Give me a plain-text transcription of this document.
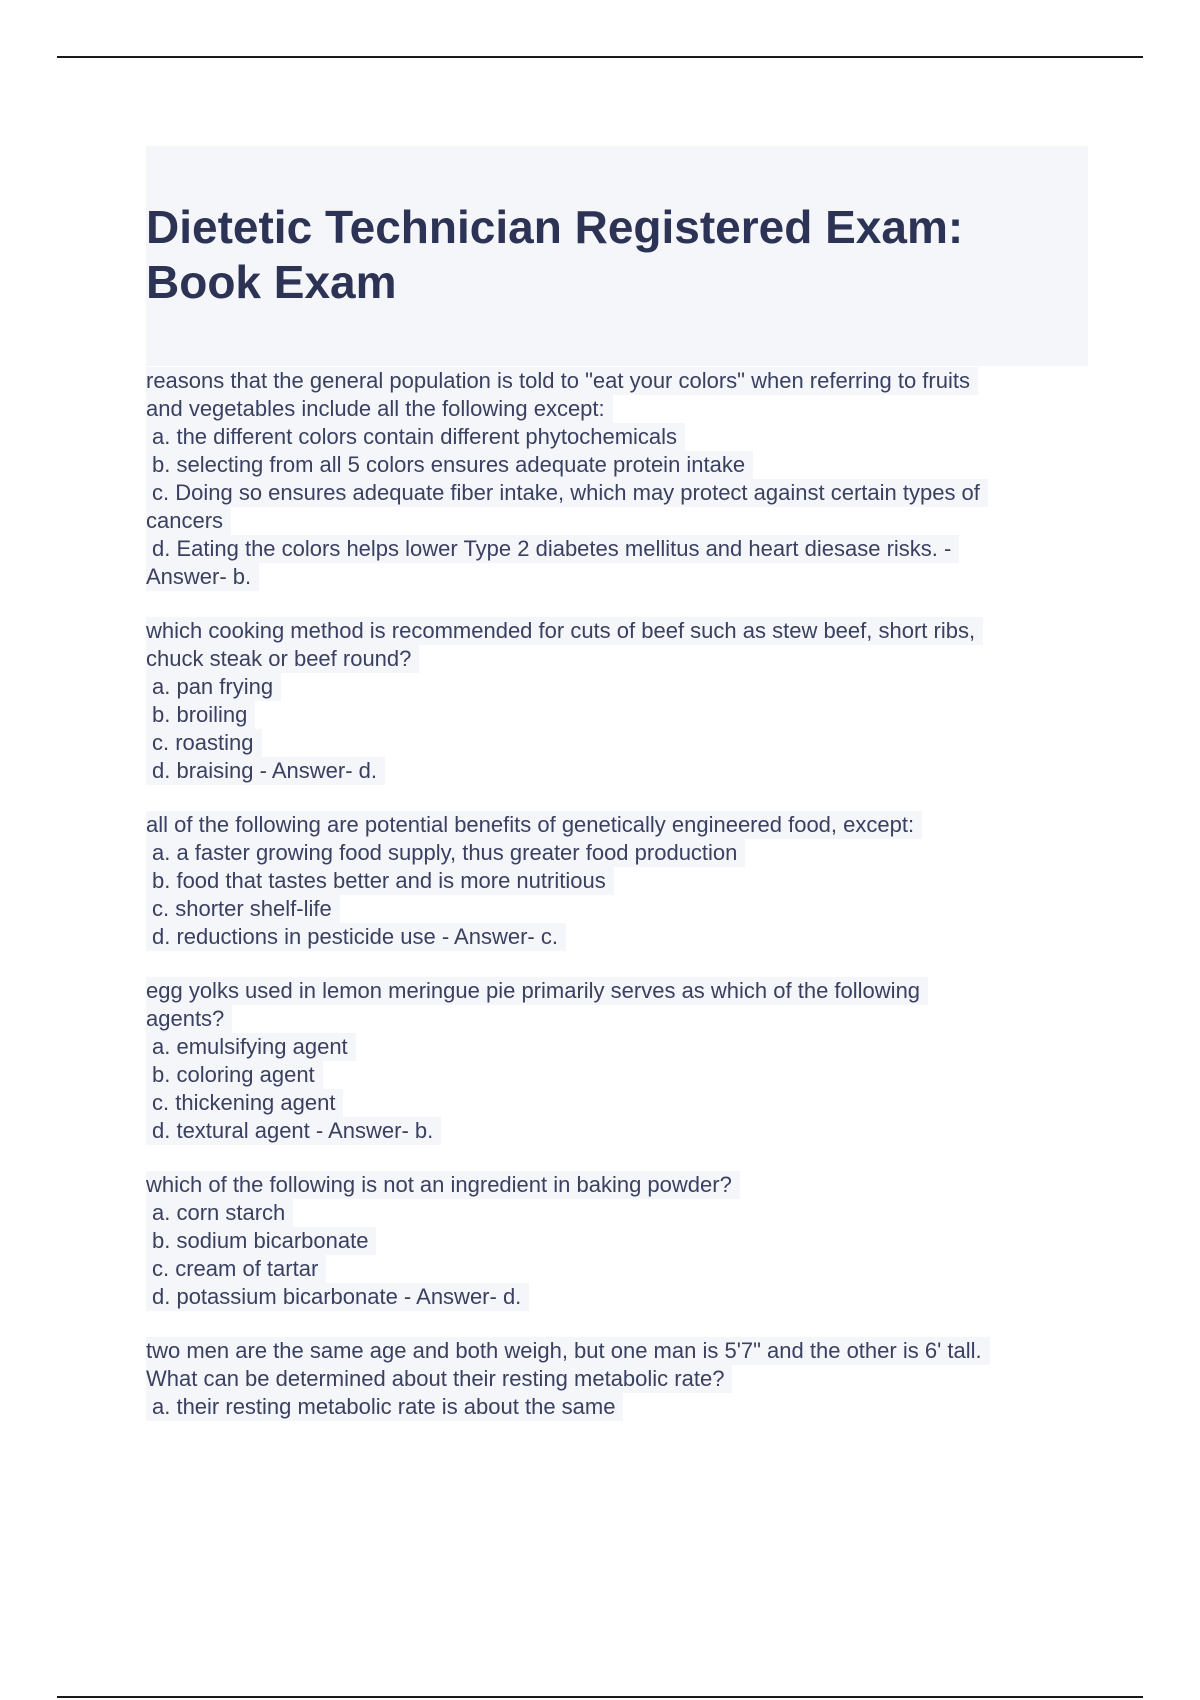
Dietetic Technician Registered Exam:
Book Exam
reasons that the general population is told to "eat your colors" when referring to fruits
and vegetables include all the following except:
a. the different colors contain different phytochemicals
b. selecting from all 5 colors ensures adequate protein intake
c. Doing so ensures adequate fiber intake, which may protect against certain types of
cancers
d. Eating the colors helps lower Type 2 diabetes mellitus and heart diesase risks. -
Answer- b.
which cooking method is recommended for cuts of beef such as stew beef, short ribs,
chuck steak or beef round?
a. pan frying
b. broiling
c. roasting
d. braising - Answer- d.
all of the following are potential benefits of genetically engineered food, except:
a. a faster growing food supply, thus greater food production
b. food that tastes better and is more nutritious
c. shorter shelf-life
d. reductions in pesticide use - Answer- c.
egg yolks used in lemon meringue pie primarily serves as which of the following
agents?
a. emulsifying agent
b. coloring agent
c. thickening agent
d. textural agent - Answer- b.
which of the following is not an ingredient in baking powder?
a. corn starch
b. sodium bicarbonate
c. cream of tartar
d. potassium bicarbonate - Answer- d.
two men are the same age and both weigh, but one man is 5'7" and the other is 6' tall.
What can be determined about their resting metabolic rate?
a. their resting metabolic rate is about the same
